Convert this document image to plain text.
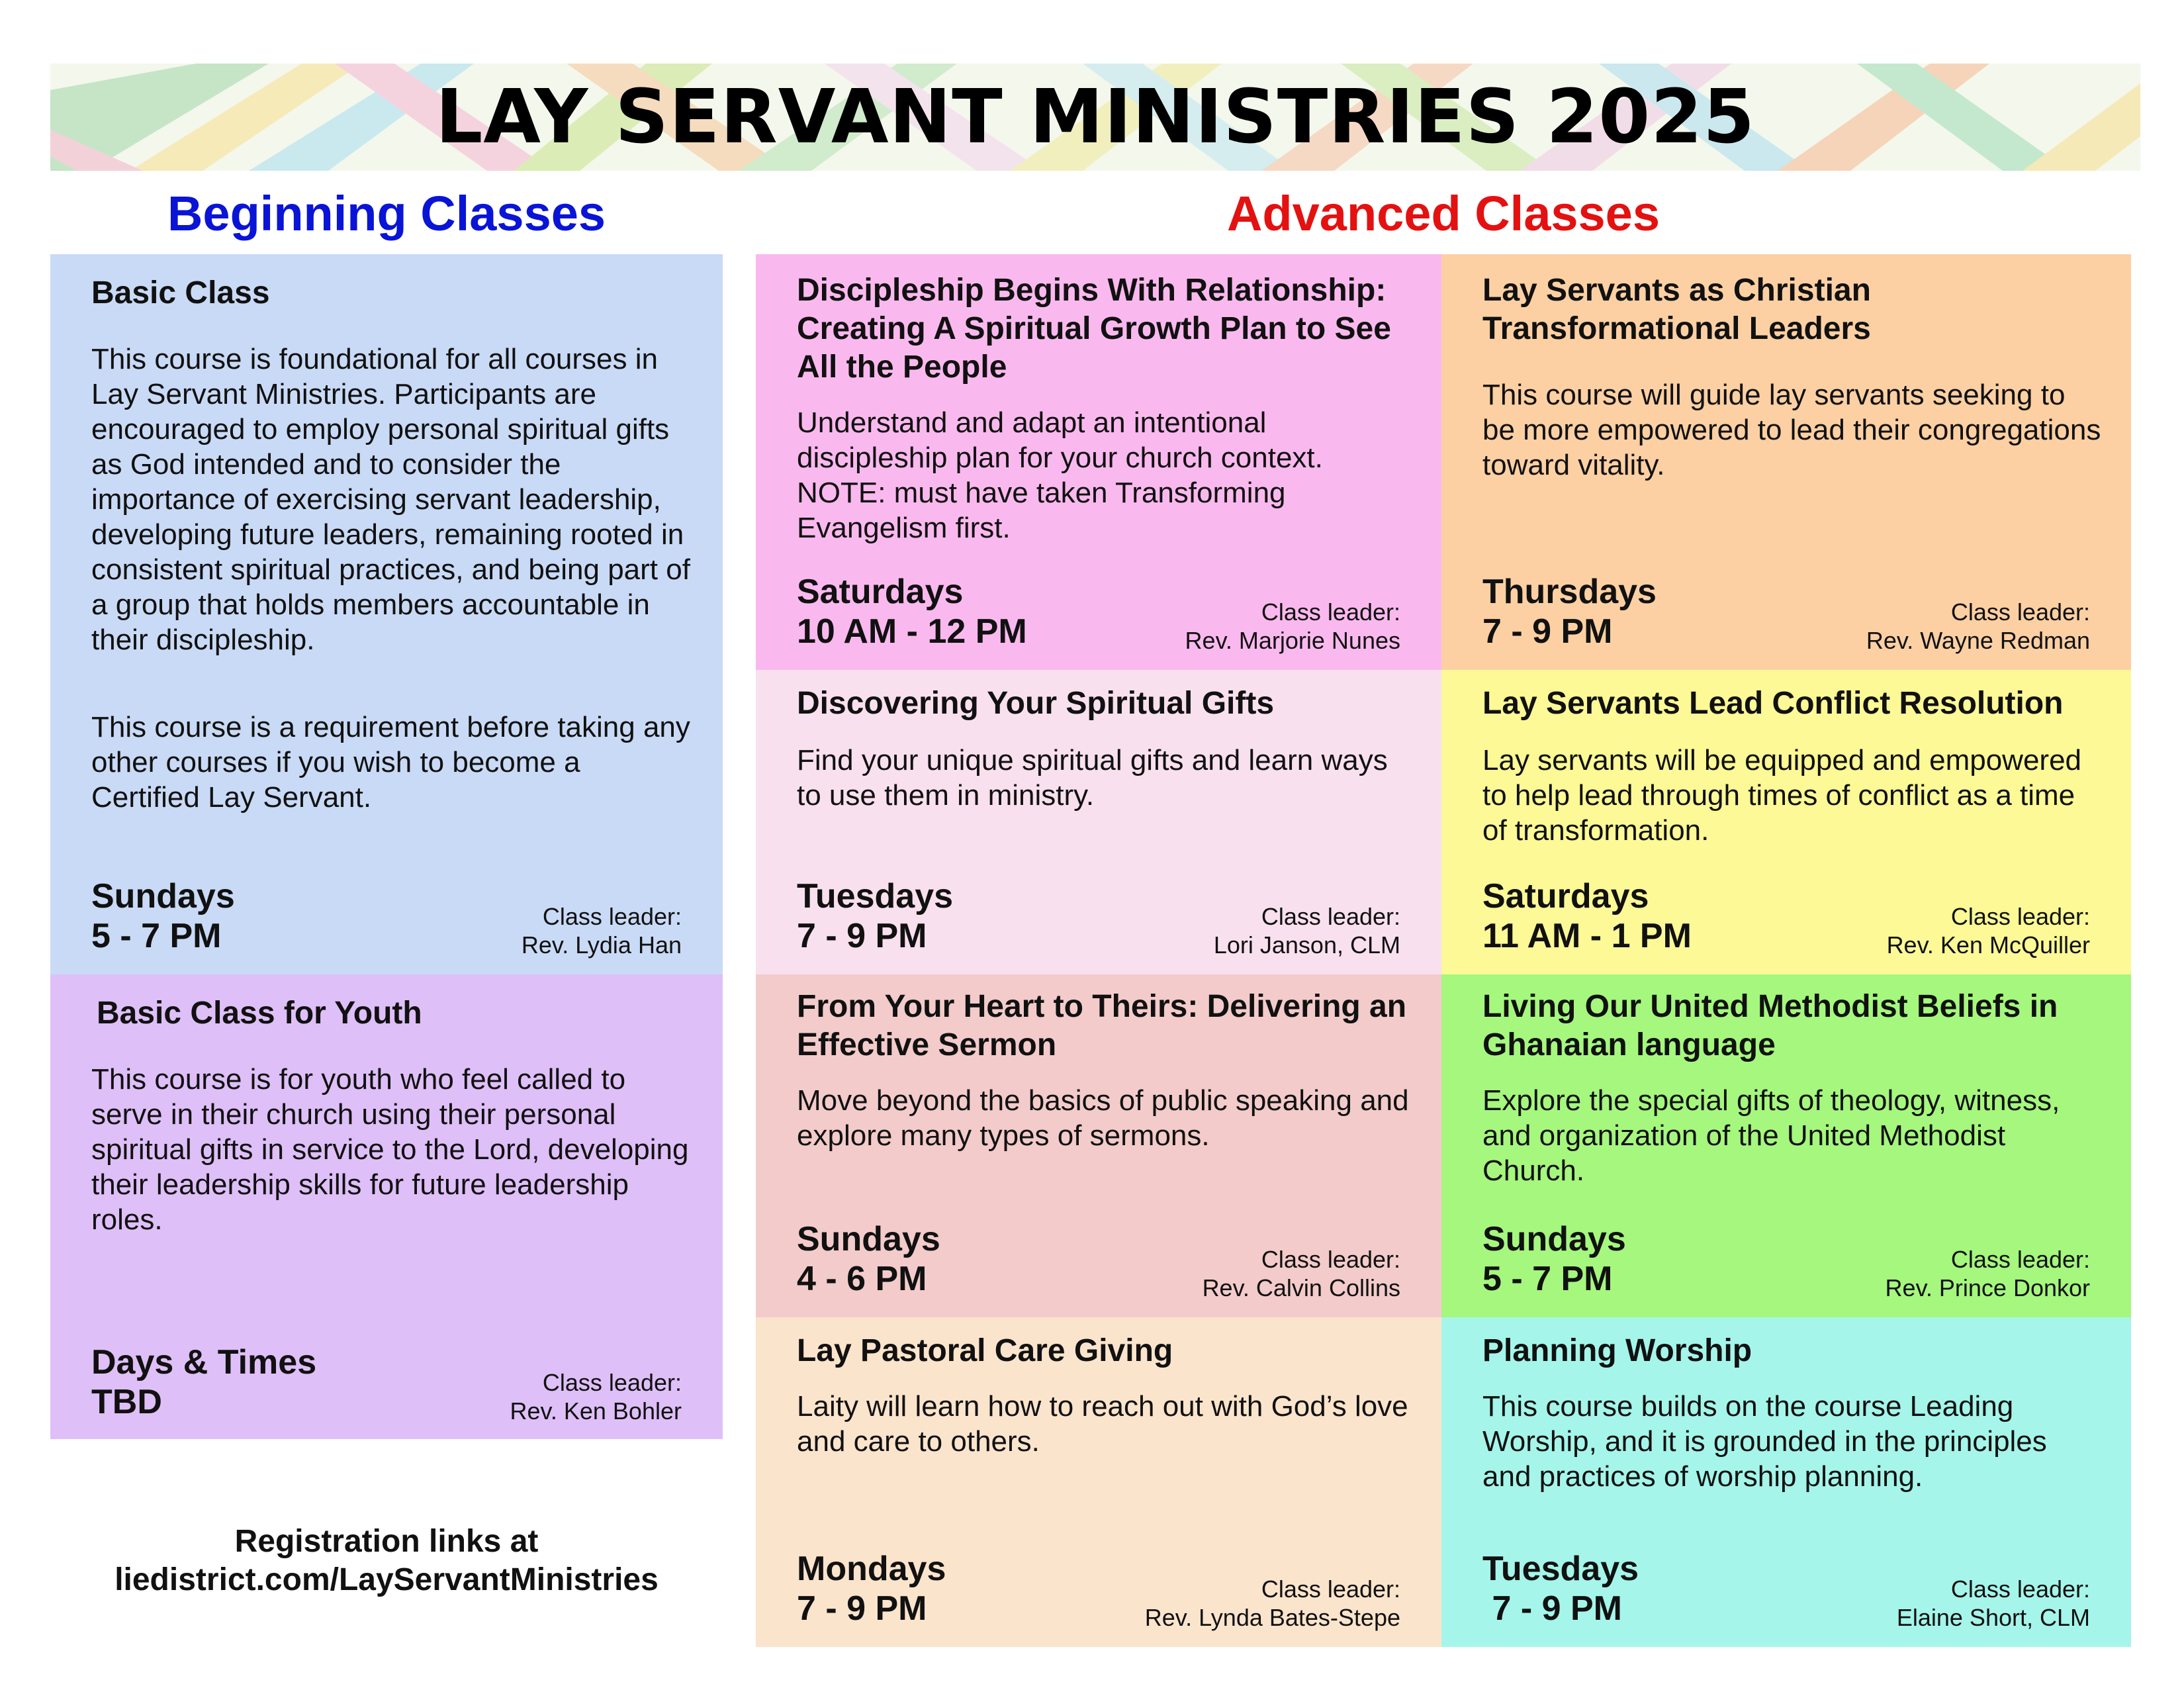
LAY SERVANT MINISTRIES 2025
Beginning Classes	Advanced Classes
Basic Class

This course is foundational for all courses in Lay Servant Ministries. Participants are encouraged to employ personal spiritual gifts as God intended and to consider the importance of exercising servant leadership, developing future leaders, remaining rooted in consistent spiritual practices, and being part of a group that holds members accountable in their discipleship.

This course is a requirement before taking any other courses if you wish to become a Certified Lay Servant.

Sundays

5 - 7 PM

Class leader:

Rev. Lydia Han

Basic Class for Youth

This course is for youth who feel called to serve in their church using their personal spiritual gifts in service to the Lord, developing their leadership skills for future leadership roles.

Days & Times

TBD

Class leader:

Rev. Ken Bohler

Discipleship Begins With Relationship: Creating A Spiritual Growth Plan to See All the People

Understand and adapt an intentional discipleship plan for your church context. NOTE: must have taken Transforming Evangelism first.

Saturdays

10 AM - 12 PM

Class leader:

Rev. Marjorie Nunes

Lay Servants as Christian Transformational Leaders

This course will guide lay servants seeking to be more empowered to lead their congregations toward vitality.

Thursdays

7 - 9 PM

Class leader:

Rev. Wayne Redman

Discovering Your Spiritual Gifts

Find your unique spiritual gifts and learn ways to use them in ministry.

Tuesdays

7 - 9 PM

Class leader:

Lori Janson, CLM

Lay Servants Lead Conflict Resolution

Lay servants will be equipped and empowered to help lead through times of conflict as a time of transformation.

Saturdays

11 AM - 1 PM

Class leader:

Rev. Ken McQuiller

From Your Heart to Theirs: Delivering an Effective Sermon

Move beyond the basics of public speaking and explore many types of sermons.

Sundays

4 - 6 PM

Class leader:

Rev. Calvin Collins

Living Our United Methodist Beliefs in Ghanaian language

Explore the special gifts of theology, witness, and organization of the United Methodist Church.

Sundays

5 - 7 PM

Class leader:

Rev. Prince Donkor

Lay Pastoral Care Giving

Laity will learn how to reach out with God’s love and care to others.

Mondays

7 - 9 PM

Class leader:

Rev. Lynda Bates-Stepe

Planning Worship

This course builds on the course Leading Worship, and it is grounded in the principles and practices of worship planning.

Tuesdays

7 - 9 PM

Class leader:

Elaine Short, CLM

Registration links at
liedistrict.com/LayServantMinistries
